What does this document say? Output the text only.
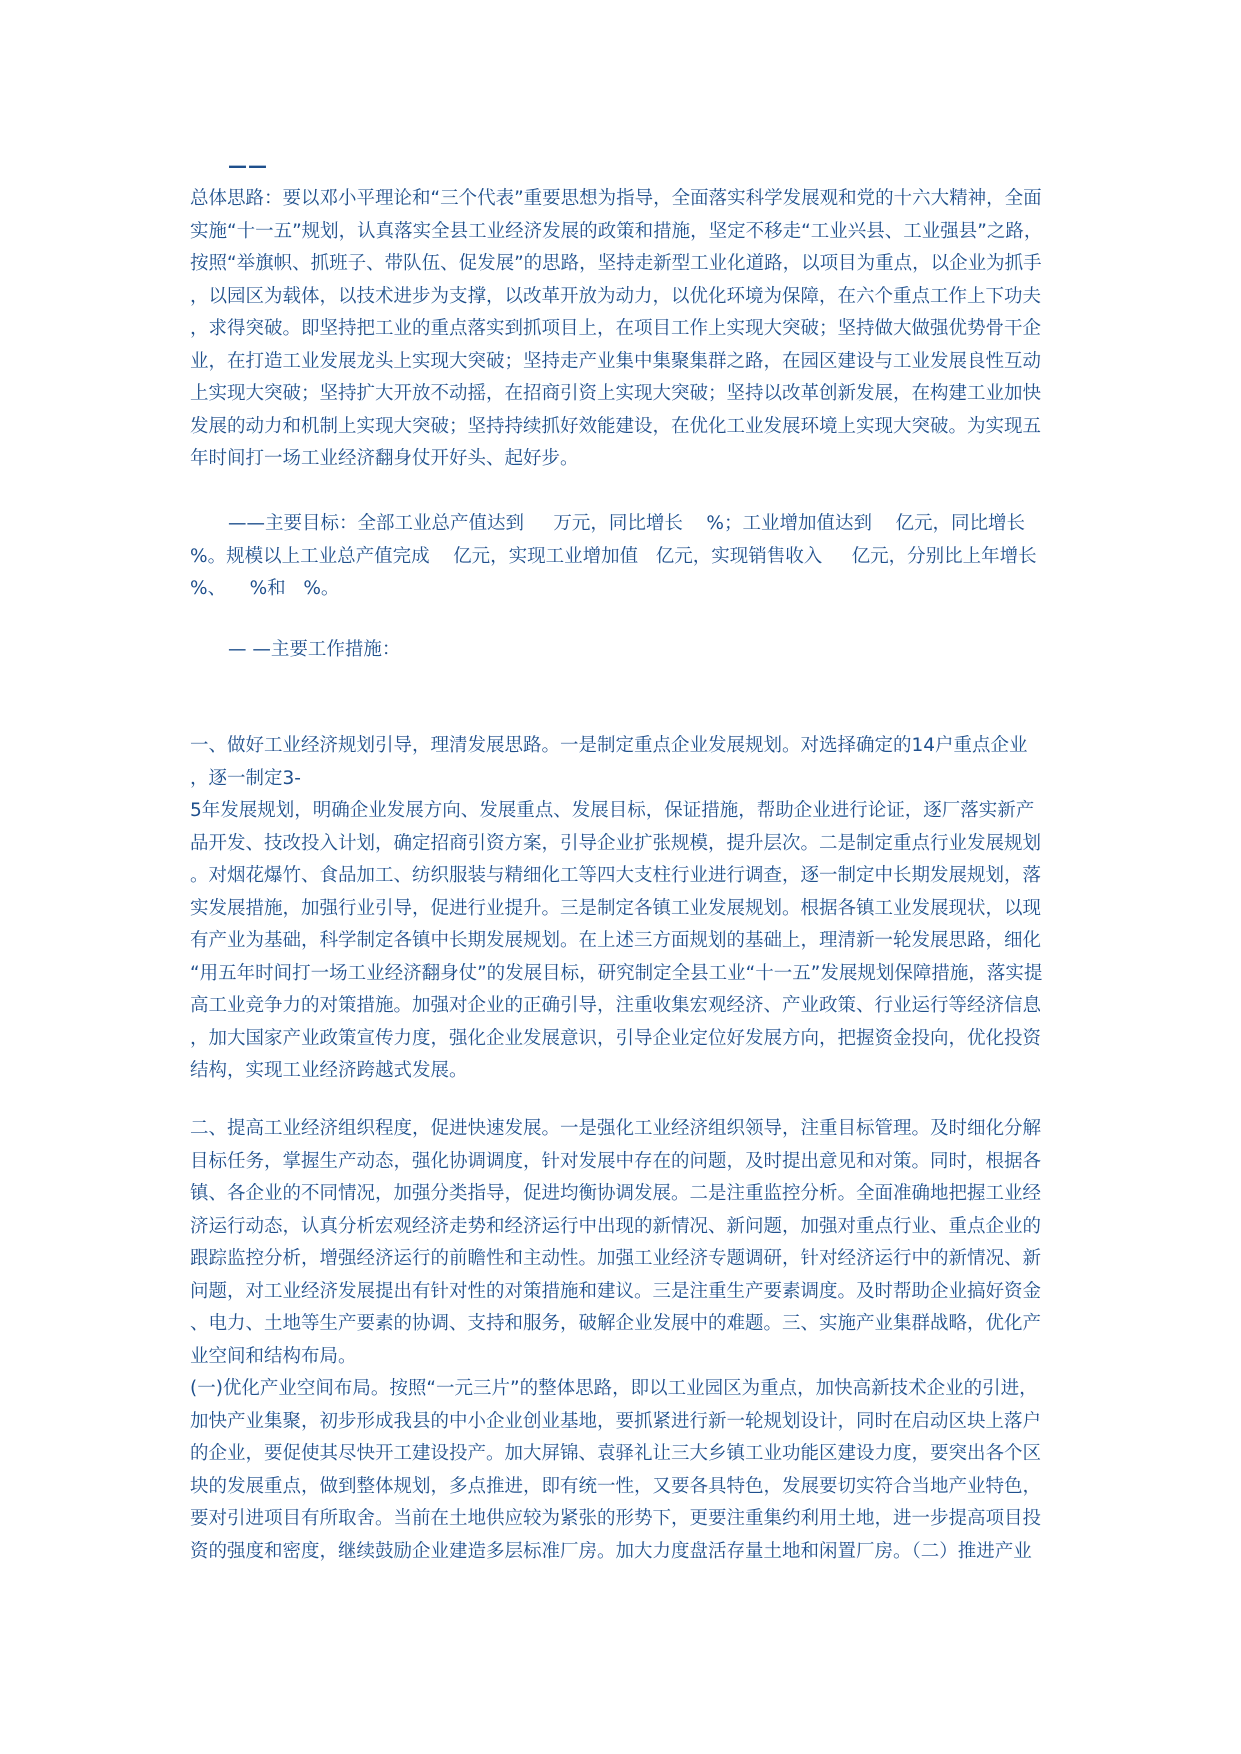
——
总体思路：要以邓小平理论和“三个代表”重要思想为指导，全面落实科学发展观和党的十六大精神，全面
实施“十一五”规划，认真落实全县工业经济发展的政策和措施，坚定不移走“工业兴县、工业强县”之路，
按照“举旗帜、抓班子、带队伍、促发展”的思路，坚持走新型工业化道路，以项目为重点，以企业为抓手
，以园区为载体，以技术进步为支撑，以改革开放为动力，以优化环境为保障，在六个重点工作上下功夫
，求得突破。即坚持把工业的重点落实到抓项目上，在项目工作上实现大突破；坚持做大做强优势骨干企
业，在打造工业发展龙头上实现大突破；坚持走产业集中集聚集群之路，在园区建设与工业发展良性互动
上实现大突破；坚持扩大开放不动摇，在招商引资上实现大突破；坚持以改革创新发展，在构建工业加快
发展的动力和机制上实现大突破；坚持持续抓好效能建设，在优化工业发展环境上实现大突破。为实现五
年时间打一场工业经济翻身仗开好头、起好步。
——主要目标：全部工业总产值达到     万元，同比增长    %；工业增加值达到    亿元，同比增长
%。规模以上工业总产值完成    亿元，实现工业增加值   亿元，实现销售收入     亿元，分别比上年增长
%、    %和   %。
— —主要工作措施：
一、做好工业经济规划引导，理清发展思路。一是制定重点企业发展规划。对选择确定的14户重点企业
，逐一制定3-
5年发展规划，明确企业发展方向、发展重点、发展目标，保证措施，帮助企业进行论证，逐厂落实新产
品开发、技改投入计划，确定招商引资方案，引导企业扩张规模，提升层次。二是制定重点行业发展规划
。对烟花爆竹、食品加工、纺织服装与精细化工等四大支柱行业进行调查，逐一制定中长期发展规划，落
实发展措施，加强行业引导，促进行业提升。三是制定各镇工业发展规划。根据各镇工业发展现状，以现
有产业为基础，科学制定各镇中长期发展规划。在上述三方面规划的基础上，理清新一轮发展思路，细化
“用五年时间打一场工业经济翻身仗”的发展目标，研究制定全县工业“十一五”发展规划保障措施，落实提
高工业竞争力的对策措施。加强对企业的正确引导，注重收集宏观经济、产业政策、行业运行等经济信息
，加大国家产业政策宣传力度，强化企业发展意识，引导企业定位好发展方向，把握资金投向，优化投资
结构，实现工业经济跨越式发展。
二、提高工业经济组织程度，促进快速发展。一是强化工业经济组织领导，注重目标管理。及时细化分解
目标任务，掌握生产动态，强化协调调度，针对发展中存在的问题，及时提出意见和对策。同时，根据各
镇、各企业的不同情况，加强分类指导，促进均衡协调发展。二是注重监控分析。全面准确地把握工业经
济运行动态，认真分析宏观经济走势和经济运行中出现的新情况、新问题，加强对重点行业、重点企业的
跟踪监控分析，增强经济运行的前瞻性和主动性。加强工业经济专题调研，针对经济运行中的新情况、新
问题，对工业经济发展提出有针对性的对策措施和建议。三是注重生产要素调度。及时帮助企业搞好资金
、电力、土地等生产要素的协调、支持和服务，破解企业发展中的难题。三、实施产业集群战略，优化产
业空间和结构布局。
(一)优化产业空间布局。按照“一元三片”的整体思路，即以工业园区为重点，加快高新技术企业的引进，
加快产业集聚，初步形成我县的中小企业创业基地，要抓紧进行新一轮规划设计，同时在启动区块上落户
的企业，要促使其尽快开工建设投产。加大屏锦、袁驿礼让三大乡镇工业功能区建设力度，要突出各个区
块的发展重点，做到整体规划，多点推进，即有统一性，又要各具特色，发展要切实符合当地产业特色，
要对引进项目有所取舍。当前在土地供应较为紧张的形势下，更要注重集约利用土地，进一步提高项目投
资的强度和密度，继续鼓励企业建造多层标准厂房。加大力度盘活存量土地和闲置厂房。（二）推进产业
